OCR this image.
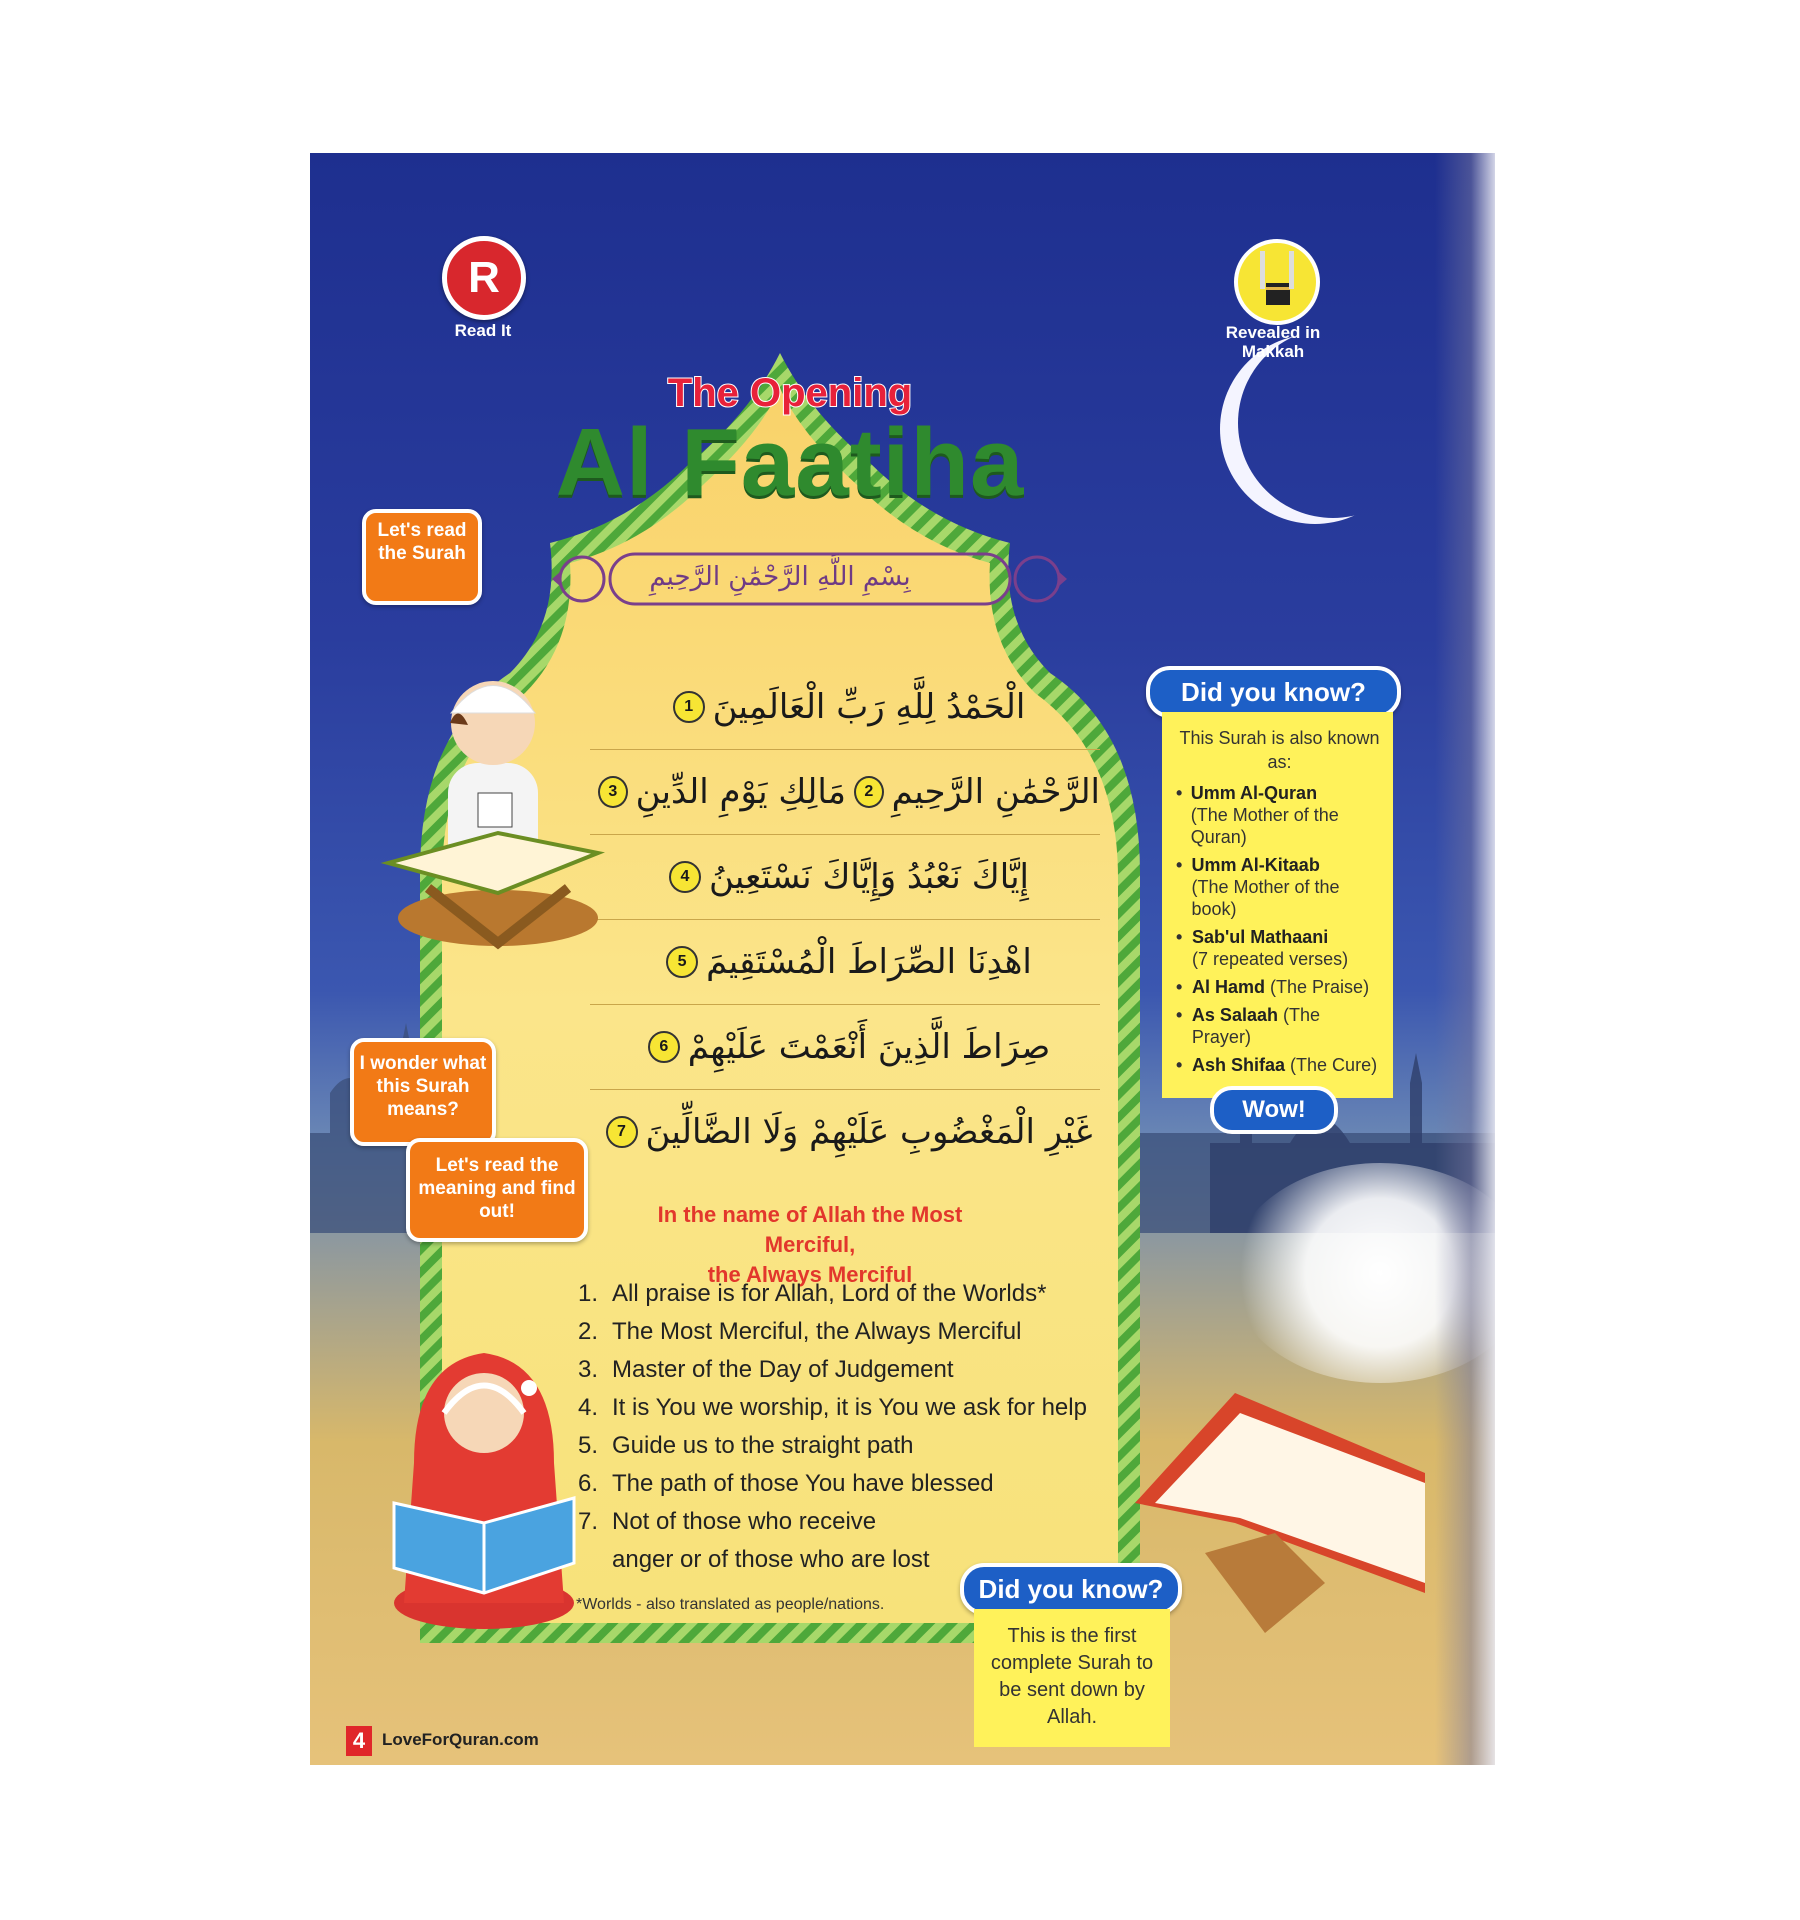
R
Read It	Revealed in Makkah
The Opening
Al Faatiha
بِسْمِ اللَّهِ الرَّحْمَٰنِ الرَّحِيمِ
الْحَمْدُ لِلَّهِ رَبِّ الْعَالَمِينَ
1
الرَّحْمَٰنِ الرَّحِيمِ
2
مَالِكِ يَوْمِ الدِّينِ
3
إِيَّاكَ نَعْبُدُ وَإِيَّاكَ نَسْتَعِينُ
4
اهْدِنَا الصِّرَاطَ الْمُسْتَقِيمَ
5
صِرَاطَ الَّذِينَ أَنْعَمْتَ عَلَيْهِمْ
6
غَيْرِ الْمَغْضُوبِ عَلَيْهِمْ وَلَا الضَّالِّينَ
7
In the name of Allah the Most Merciful,
the Always Merciful
1. All praise is for Allah, Lord of the Worlds*
2. The Most Merciful, the Always Merciful
3. Master of the Day of Judgement
4. It is You we worship, it is You we ask for help
5. Guide us to the straight path
6. The path of those You have blessed
7. Not of those who receive anger or of those who are lost
*Worlds - also translated as people/nations.
Let's read the Surah
I wonder what this Surah means?
Let's read the meaning and find out!
Did you know?
This Surah is also known as:
• Umm Al-Quran
(The Mother of the Quran)
• Umm Al-Kitaab
(The Mother of the book)
• Sab'ul Mathaani
(7 repeated verses)
• Al Hamd (The Praise)
• As Salaah (The Prayer)
• Ash Shifaa (The Cure)
Wow!
Did you know?
This is the first complete Surah to be sent down by Allah.
4 LoveForQuran.com
